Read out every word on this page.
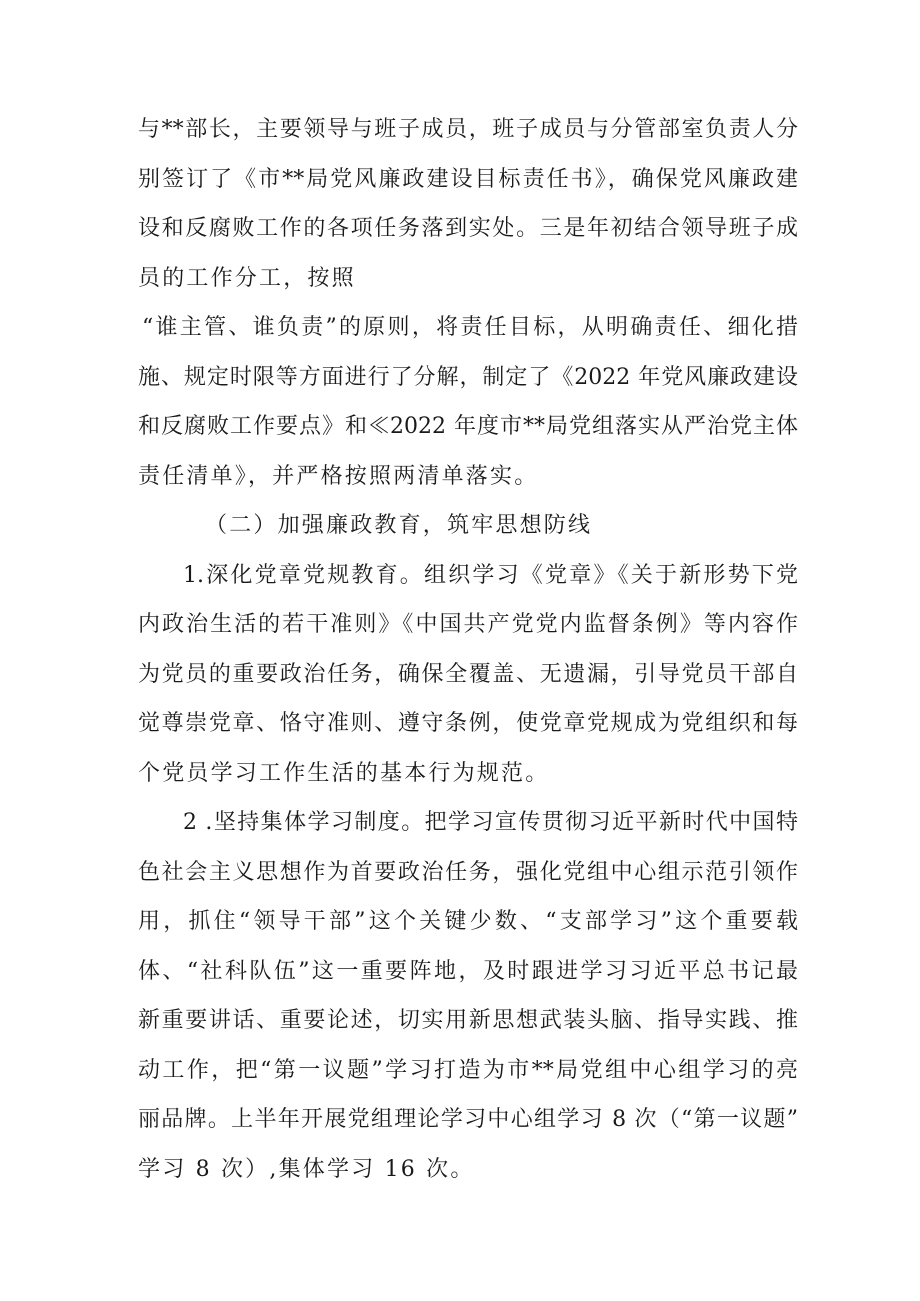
与**部长，主要领导与班子成员，班子成员与分管部室负责人分
别签订了《市**局党风廉政建设目标责任书》，确保党风廉政建
设和反腐败工作的各项任务落到实处。三是年初结合领导班子成
员的工作分工，按照
“谁主管、谁负责”的原则，将责任目标，从明确责任、细化措
施、规定时限等方面进行了分解，制定了《2022 年党风廉政建设
和反腐败工作要点》和≪2022 年度市**局党组落实从严治党主体
责任清单》，并严格按照两清单落实。
（二）加强廉政教育，筑牢思想防线
1.深化党章党规教育。组织学习《党章》《关于新形势下党
内政治生活的若干准则》《中国共产党党内监督条例》等内容作
为党员的重要政治任务，确保全覆盖、无遗漏，引导党员干部自
觉尊崇党章、恪守准则、遵守条例，使党章党规成为党组织和每
个党员学习工作生活的基本行为规范。
2 .坚持集体学习制度。把学习宣传贯彻习近平新时代中国特
色社会主义思想作为首要政治任务，强化党组中心组示范引领作
用，抓住“领导干部”这个关键少数、“支部学习”这个重要载
体、“社科队伍”这一重要阵地，及时跟进学习习近平总书记最
新重要讲话、重要论述，切实用新思想武装头脑、指导实践、推
动工作，把“第一议题”学习打造为市**局党组中心组学习的亮
丽品牌。上半年开展党组理论学习中心组学习 8 次（“第一议题”
学习 8 次）,集体学习 16 次。
